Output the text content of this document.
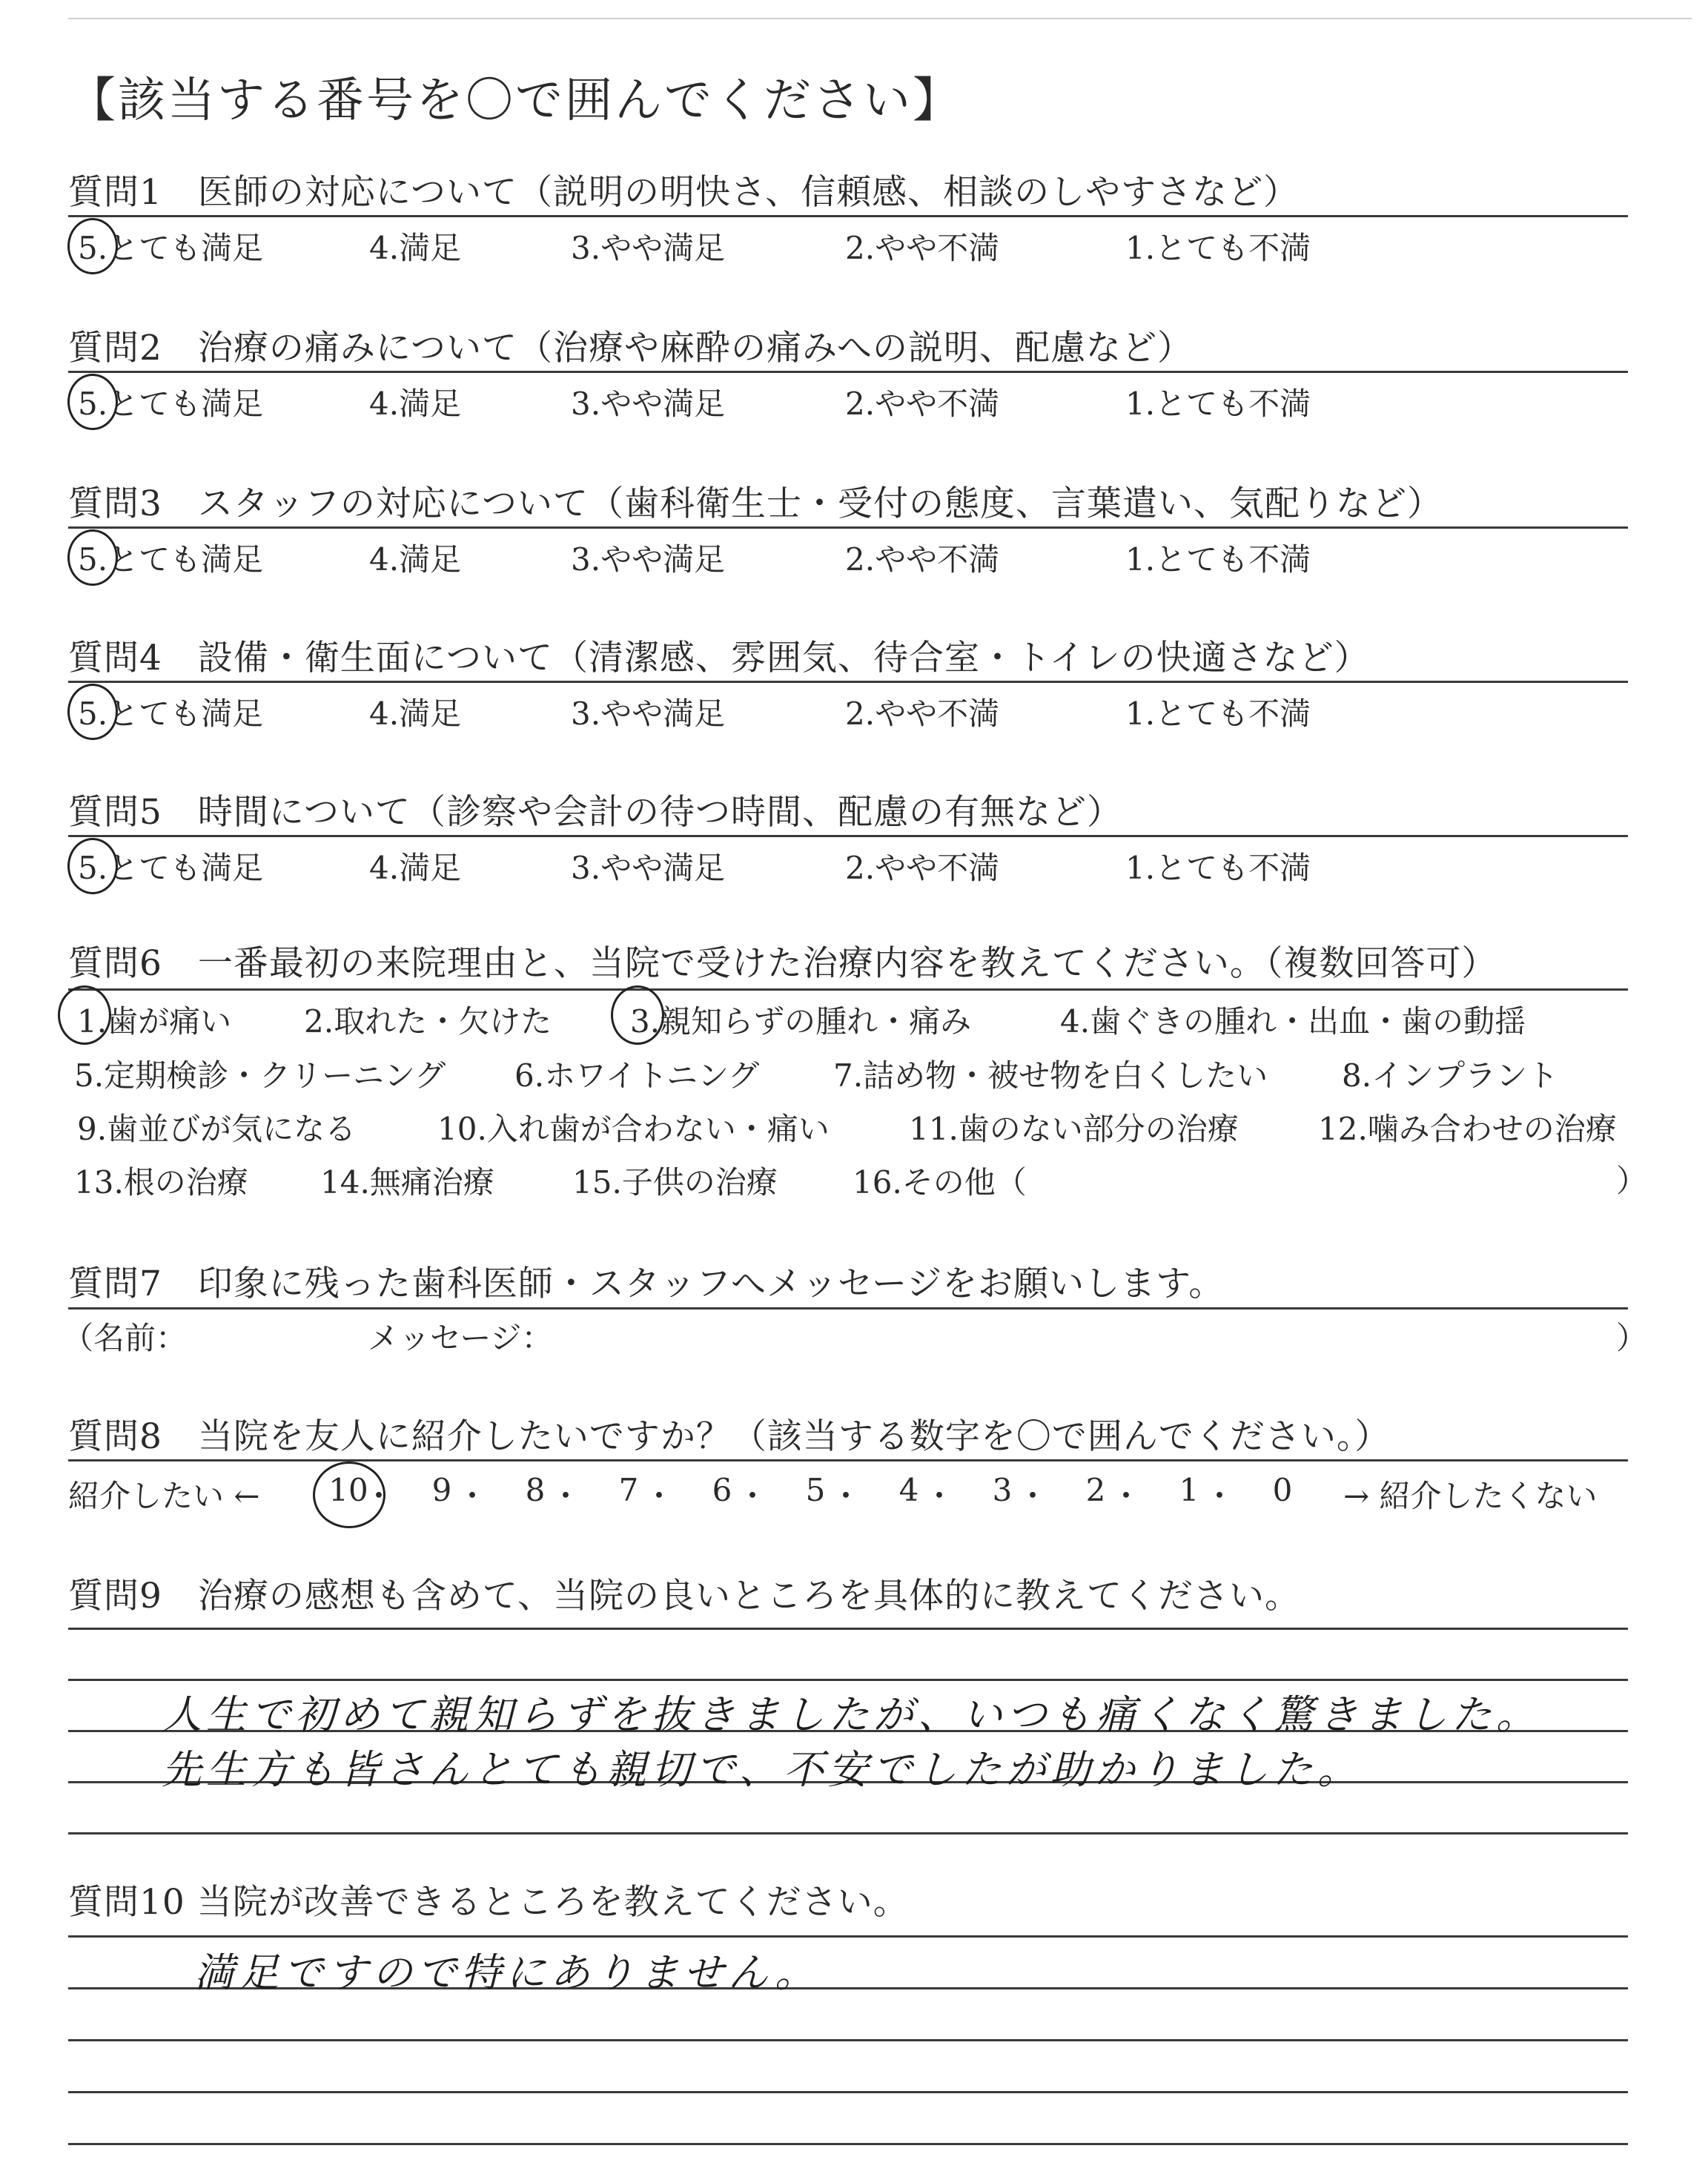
【該当する番号を〇で囲んでください】
質問1　医師の対応について（説明の明快さ、信頼感、相談のしやすさなど）
5.とても満足	4.満足	3.やや満足	2.やや不満	1.とても不満
質問2　治療の痛みについて（治療や麻酔の痛みへの説明、配慮など）
5.とても満足	4.満足	3.やや満足	2.やや不満	1.とても不満
質問3　スタッフの対応について（歯科衛生士・受付の態度、言葉遣い、気配りなど）
5.とても満足	4.満足	3.やや満足	2.やや不満	1.とても不満
質問4　設備・衛生面について（清潔感、雰囲気、待合室・トイレの快適さなど）
5.とても満足	4.満足	3.やや満足	2.やや不満	1.とても不満
質問5　時間について（診察や会計の待つ時間、配慮の有無など）
5.とても満足	4.満足	3.やや満足	2.やや不満	1.とても不満
質問6　一番最初の来院理由と、当院で受けた治療内容を教えてください。（複数回答可）
1.歯が痛い 2.取れた・欠けた	3.親知らずの腫れ・痛み	4.歯ぐきの腫れ・出血・歯の動揺
5.定期検診・クリーニング 6.ホワイトニング 7.詰め物・被せ物を白くしたい 8.インプラント
9.歯並びが気になる	10.入れ歯が合わない・痛い	11.歯のない部分の治療	12.噛み合わせの治療
13.根の治療 14.無痛治療	15.子供の治療 16.その他（	）
質問7　印象に残った歯科医師・スタッフへメッセージをお願いします。
（名前：	メッセージ：	）
質問8　当院を友人に紹介したいですか？（該当する数字を〇で囲んでください。）
紹介したい ← 10
・	9 ・	8 ・	7 ・	6 ・	5 ・	4 ・	3 ・	2 ・	1 ・	0	→ 紹介したくない
質問9　治療の感想も含めて、当院の良いところを具体的に教えてください。
人生で初めて親知らずを抜きましたが、いつも痛くなく驚きました。
先生方も皆さんとても親切で、不安でしたが助かりました。
質問10 当院が改善できるところを教えてください。
満足ですので特にありません。
